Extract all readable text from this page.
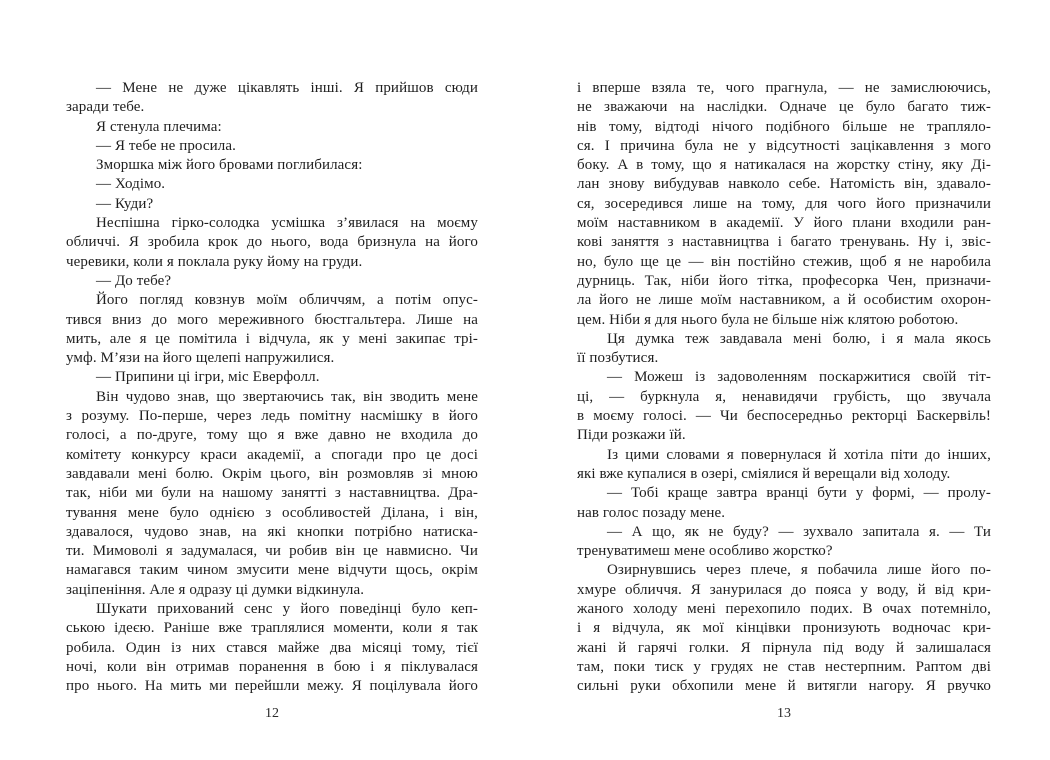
— Мене не дуже цікавлять інші. Я прийшов сюди
заради тебе.
Я стенула плечима:
— Я тебе не просила.
Зморшка між його бровами поглибилася:
— Ходімо.
— Куди?
Неспішна гірко-солодка усмішка з’явилася на моєму
обличчі. Я зробила крок до нього, вода бризнула на його
черевики, коли я поклала руку йому на груди.
— До тебе?
Його погляд ковзнув моїм обличчям, а потім опус-
тився вниз до мого мереживного бюстгальтера. Лише на
мить, але я це помітила і відчула, як у мені закипає трі-
умф. М’язи на його щелепі напружилися.
— Припини ці ігри, міс Еверфолл.
Він чудово знав, що звертаючись так, він зводить мене
з розуму. По-перше, через ледь помітну насмішку в його
голосі, а по-друге, тому що я вже давно не входила до
комітету конкурсу краси академії, а спогади про це досі
завдавали мені болю. Окрім цього, він розмовляв зі мною
так, ніби ми були на нашому занятті з наставництва. Дра-
тування мене було однією з особливостей Ділана, і він,
здавалося, чудово знав, на які кнопки потрібно натиска-
ти. Мимоволі я задумалася, чи робив він це навмисно. Чи
намагався таким чином змусити мене відчути щось, окрім
заціпеніння. Але я одразу ці думки відкинула.
Шукати прихований сенс у його поведінці було кеп-
ською ідеєю. Раніше вже траплялися моменти, коли я так
робила. Один із них стався майже два місяці тому, тієї
ночі, коли він отримав поранення в бою і я піклувалася
про нього. На мить ми перейшли межу. Я поцілувала його
12
і вперше взяла те, чого прагнула, — не замислюючись,
не зважаючи на наслідки. Одначе це було багато тиж-
нів тому, відтоді нічого подібного більше не трапляло-
ся. І причина була не у відсутності зацікавлення з мого
боку. А в тому, що я натикалася на жорстку стіну, яку Ді-
лан знову вибудував навколо себе. Натомість він, здавало-
ся, зосередився лише на тому, для чого його призначили
моїм наставником в академії. У його плани входили ран-
кові заняття з наставництва і багато тренувань. Ну і, звіс-
но, було ще це — він постійно стежив, щоб я не наробила
дурниць. Так, ніби його тітка, професорка Чен, призначи-
ла його не лише моїм наставником, а й особистим охорон-
цем. Ніби я для нього була не більше ніж клятою роботою.
Ця думка теж завдавала мені болю, і я мала якось
її позбутися.
— Можеш із задоволенням поскаржитися своїй тіт-
ці, — буркнула я, ненавидячи грубість, що звучала
в моєму голосі. — Чи беспосередньо ректорці Баскервіль!
Піди розкажи їй.
Із цими словами я повернулася й хотіла піти до інших,
які вже купалися в озері, сміялися й верещали від холоду.
— Тобі краще завтра вранці бути у формі, — пролу-
нав голос позаду мене.
— А що, як не буду? — зухвало запитала я. — Ти
тренуватимеш мене особливо жорстко?
Озирнувшись через плече, я побачила лише його по-
хмуре обличчя. Я занурилася до пояса у воду, й від кри-
жаного холоду мені перехопило подих. В очах потемніло,
і я відчула, як мої кінцівки пронизують водночас кри-
жані й гарячі голки. Я пірнула під воду й залишалася
там, поки тиск у грудях не став нестерпним. Раптом дві
сильні руки обхопили мене й витягли нагору. Я рвучко
13
